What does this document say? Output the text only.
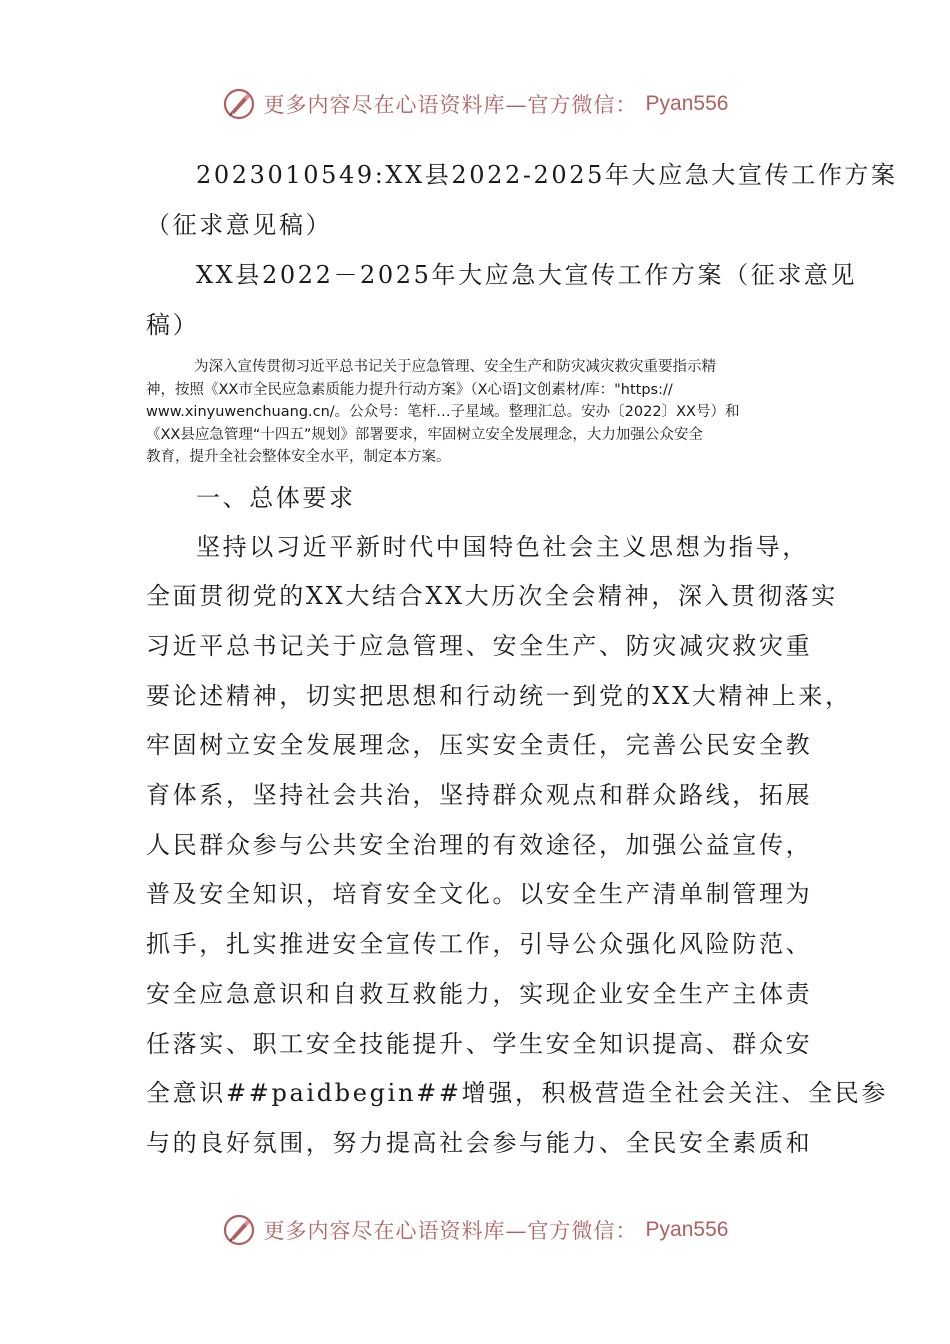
更多内容尽在心语资料库—官方微信： Pyan556

2023010549:XX县2022-2025年大应急大宣传工作方案

（征求意见稿）

XX县2022－2025年大应急大宣传工作方案（征求意见

稿）

为深入宣传贯彻习近平总书记关于应急管理、安全生产和防灾减灾救灾重要指示精
神，按照《XX市全民应急素质能力提升行动方案》（X心语]文创素材/库："https://
www.xinyuwenchuang.cn/。公众号：笔杆…子星域。整理汇总。安办〔2022〕XX号）和
《XX县应急管理“十四五”规划》部署要求，牢固树立安全发展理念，大力加强公众安全
教育，提升全社会整体安全水平，制定本方案。

一、总体要求

坚持以习近平新时代中国特色社会主义思想为指导，
全面贯彻党的XX大结合XX大历次全会精神，深入贯彻落实
习近平总书记关于应急管理、安全生产、防灾减灾救灾重
要论述精神，切实把思想和行动统一到党的XX大精神上来，
牢固树立安全发展理念，压实安全责任，完善公民安全教
育体系，坚持社会共治，坚持群众观点和群众路线，拓展
人民群众参与公共安全治理的有效途径，加强公益宣传，
普及安全知识，培育安全文化。以安全生产清单制管理为
抓手，扎实推进安全宣传工作，引导公众强化风险防范、
安全应急意识和自救互救能力，实现企业安全生产主体责
任落实、职工安全技能提升、学生安全知识提高、群众安
全意识##paidbegin##增强，积极营造全社会关注、全民参
与的良好氛围，努力提高社会参与能力、全民安全素质和
更多内容尽在心语资料库—官方微信： Pyan556
